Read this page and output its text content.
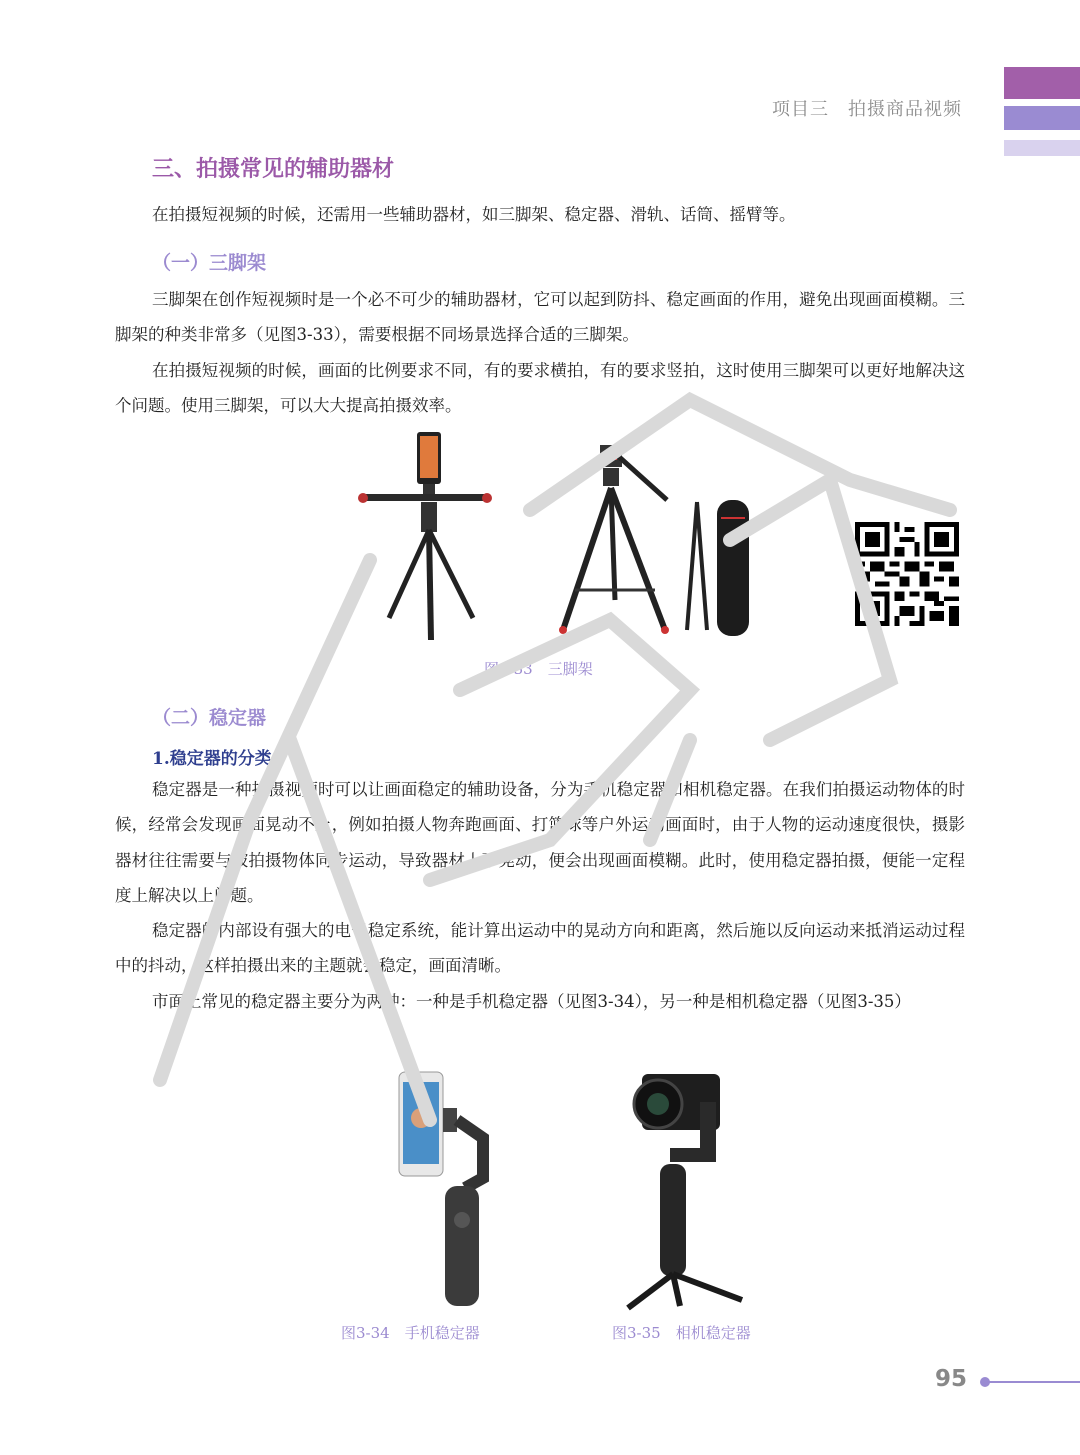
项目三　拍摄商品视频
三、拍摄常见的辅助器材

在拍摄短视频的时候，还需用一些辅助器材，如三脚架、稳定器、滑轨、话筒、摇臂等。

（一）三脚架

三脚架在创作短视频时是一个必不可少的辅助器材，它可以起到防抖、稳定画面的作用，避免出现画面模糊。三脚架的种类非常多（见图3-33），需要根据不同场景选择合适的三脚架。

在拍摄短视频的时候，画面的比例要求不同，有的要求横拍，有的要求竖拍，这时使用三脚架可以更好地解决这个问题。使用三脚架，可以大大提高拍摄效率。

图3-33　三脚架
（二）稳定器
1.稳定器的分类

稳定器是一种拍摄视频时可以让画面稳定的辅助设备，分为手机稳定器和相机稳定器。在我们拍摄运动物体的时候，经常会发现画面晃动不止，例如拍摄人物奔跑画面、打篮球等户外运动画面时，由于人物的运动速度很快，摄影器材往往需要与被拍摄物体同步运动，导致器材上下晃动，便会出现画面模糊。此时，使用稳定器拍摄，便能一定程度上解决以上问题。

稳定器的内部设有强大的电子稳定系统，能计算出运动中的晃动方向和距离，然后施以反向运动来抵消运动过程中的抖动，这样拍摄出来的主题就会稳定，画面清晰。

市面上常见的稳定器主要分为两种：一种是手机稳定器（见图3-34），另一种是相机稳定器（见图3-35）

图3-34　手机稳定器	图3-35　相机稳定器
95
